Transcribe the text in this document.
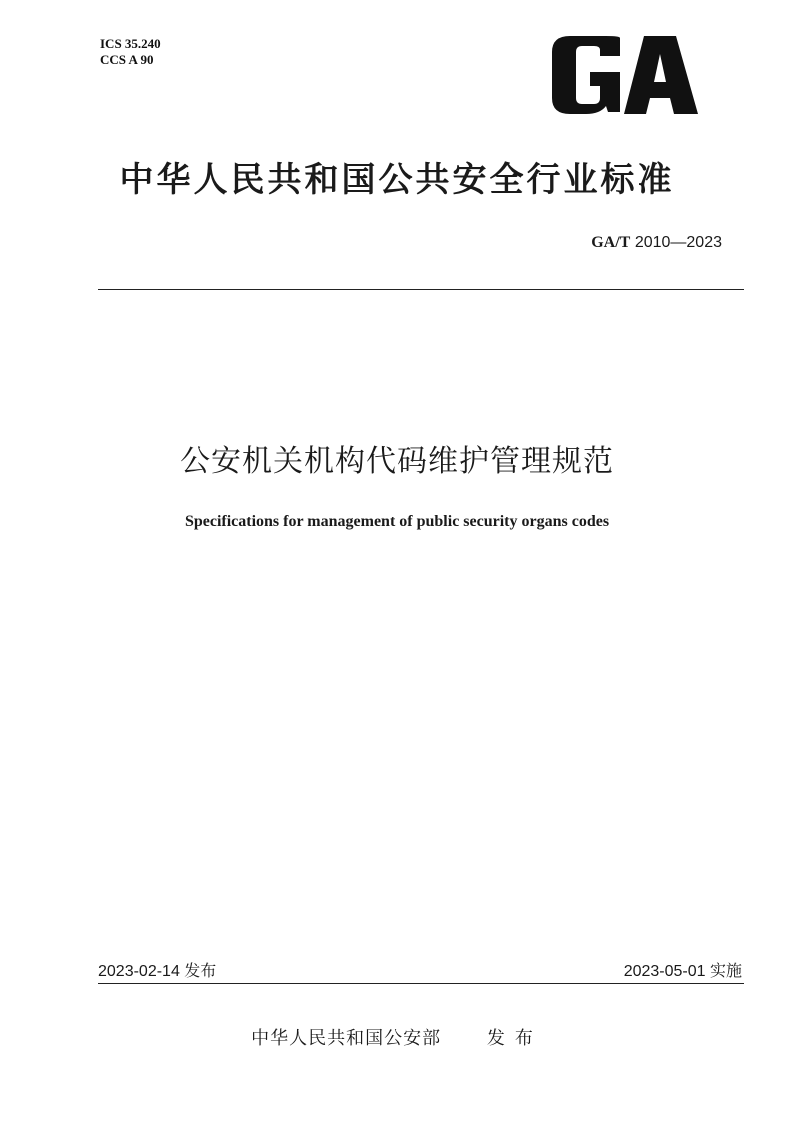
ICS 35.240
CCS A 90
中华人民共和国公共安全行业标准
GA/T 2010—2023
公安机关机构代码维护管理规范
Specifications for management of public security organs codes
2023-02-14 发布	2023-05-01 实施
中华人民共和国公安部	发布
